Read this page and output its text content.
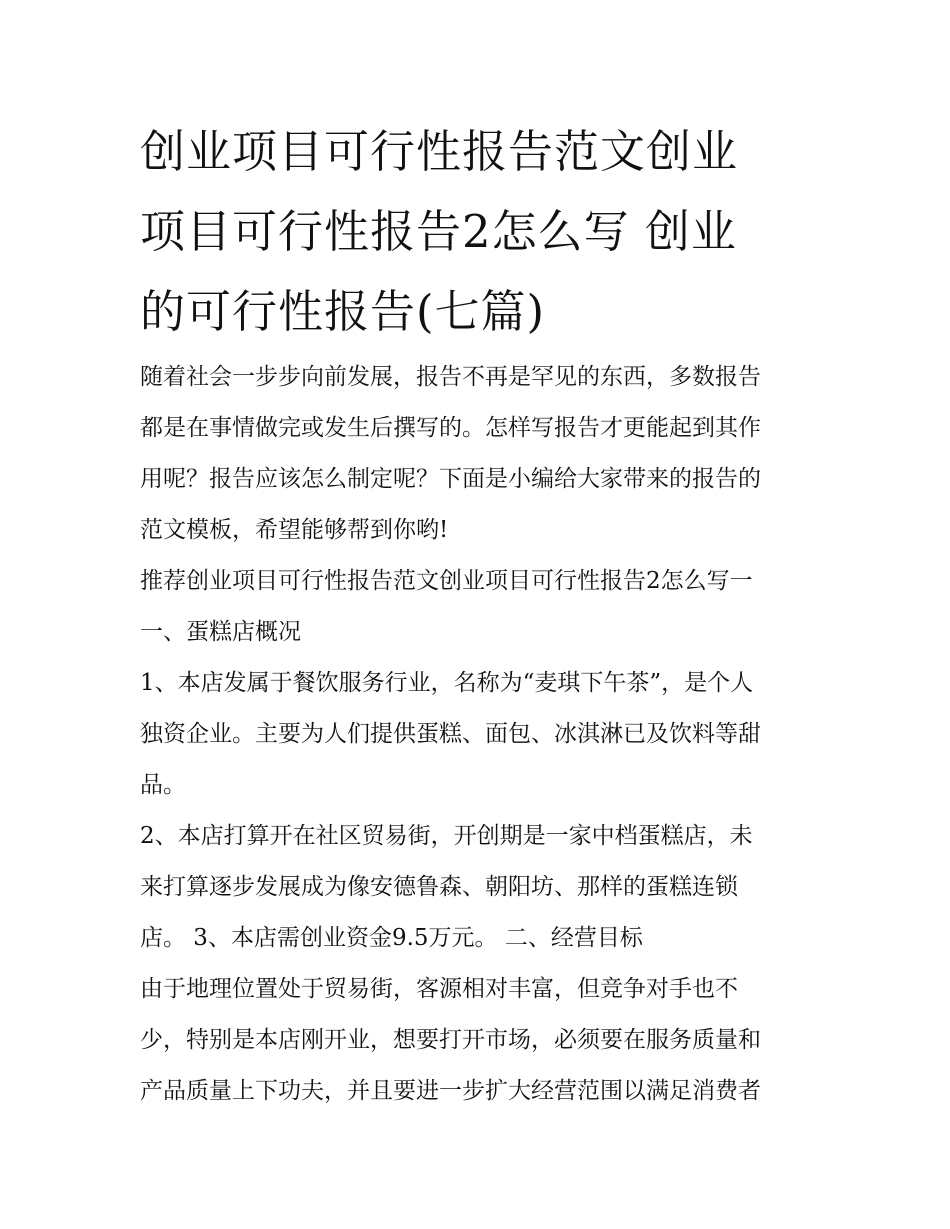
创业项目可行性报告范文创业
项目可行性报告2怎么写 创业
的可行性报告(七篇)
随着社会一步步向前发展，报告不再是罕见的东西，多数报告
都是在事情做完或发生后撰写的。怎样写报告才更能起到其作
用呢？报告应该怎么制定呢？下面是小编给大家带来的报告的
范文模板，希望能够帮到你哟!
推荐创业项目可行性报告范文创业项目可行性报告2怎么写一
一、蛋糕店概况
1、本店发属于餐饮服务行业，名称为“麦琪下午茶”，是个人
独资企业。主要为人们提供蛋糕、面包、冰淇淋已及饮料等甜
品。
2、本店打算开在社区贸易街，开创期是一家中档蛋糕店，未
来打算逐步发展成为像安德鲁森、朝阳坊、那样的蛋糕连锁
店。 3、本店需创业资金9.5万元。 二、经营目标
由于地理位置处于贸易街，客源相对丰富，但竞争对手也不
少，特别是本店刚开业，想要打开市场，必须要在服务质量和
产品质量上下功夫，并且要进一步扩大经营范围以满足消费者
